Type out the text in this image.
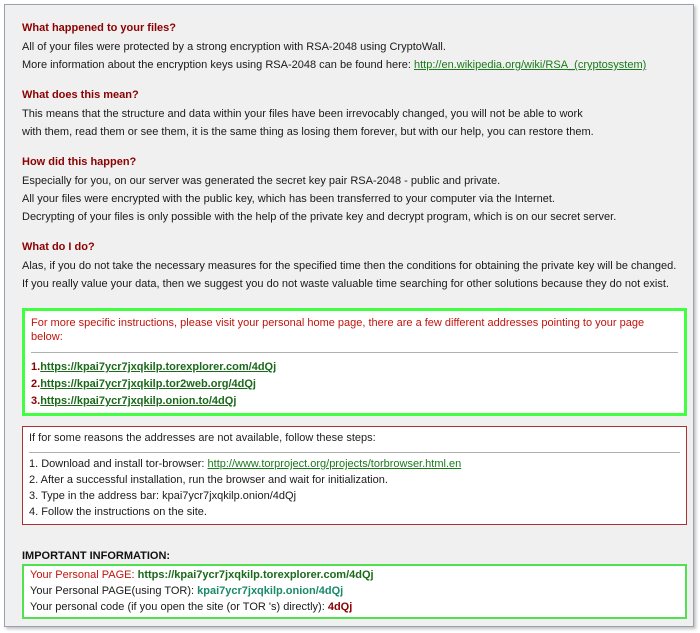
What happened to your files?

All of your files were protected by a strong encryption with RSA-2048 using CryptoWall.

More information about the encryption keys using RSA-2048 can be found here: http://en.wikipedia.org/wiki/RSA_(cryptosystem)

What does this mean?

This means that the structure and data within your files have been irrevocably changed, you will not be able to work

with them, read them or see them, it is the same thing as losing them forever, but with our help, you can restore them.

How did this happen?

Especially for you, on our server was generated the secret key pair RSA-2048 - public and private.

All your files were encrypted with the public key, which has been transferred to your computer via the Internet.

Decrypting of your files is only possible with the help of the private key and decrypt program, which is on our secret server.

What do I do?

Alas, if you do not take the necessary measures for the specified time then the conditions for obtaining the private key will be changed.

If you really value your data, then we suggest you do not waste valuable time searching for other solutions because they do not exist.

For more specific instructions, please visit your personal home page, there are a few different addresses pointing to your page below:

1.https://kpai7ycr7jxqkilp.torexplorer.com/4dQj

2.https://kpai7ycr7jxqkilp.tor2web.org/4dQj

3.https://kpai7ycr7jxqkilp.onion.to/4dQj

If for some reasons the addresses are not available, follow these steps:

1. Download and install tor-browser: http://www.torproject.org/projects/torbrowser.html.en

2. After a successful installation, run the browser and wait for initialization.

3. Type in the address bar: kpai7ycr7jxqkilp.onion/4dQj

4. Follow the instructions on the site.

IMPORTANT INFORMATION:

Your Personal PAGE: https://kpai7ycr7jxqkilp.torexplorer.com/4dQj

Your Personal PAGE(using TOR): kpai7ycr7jxqkilp.onion/4dQj

Your personal code (if you open the site (or TOR 's) directly): 4dQj
